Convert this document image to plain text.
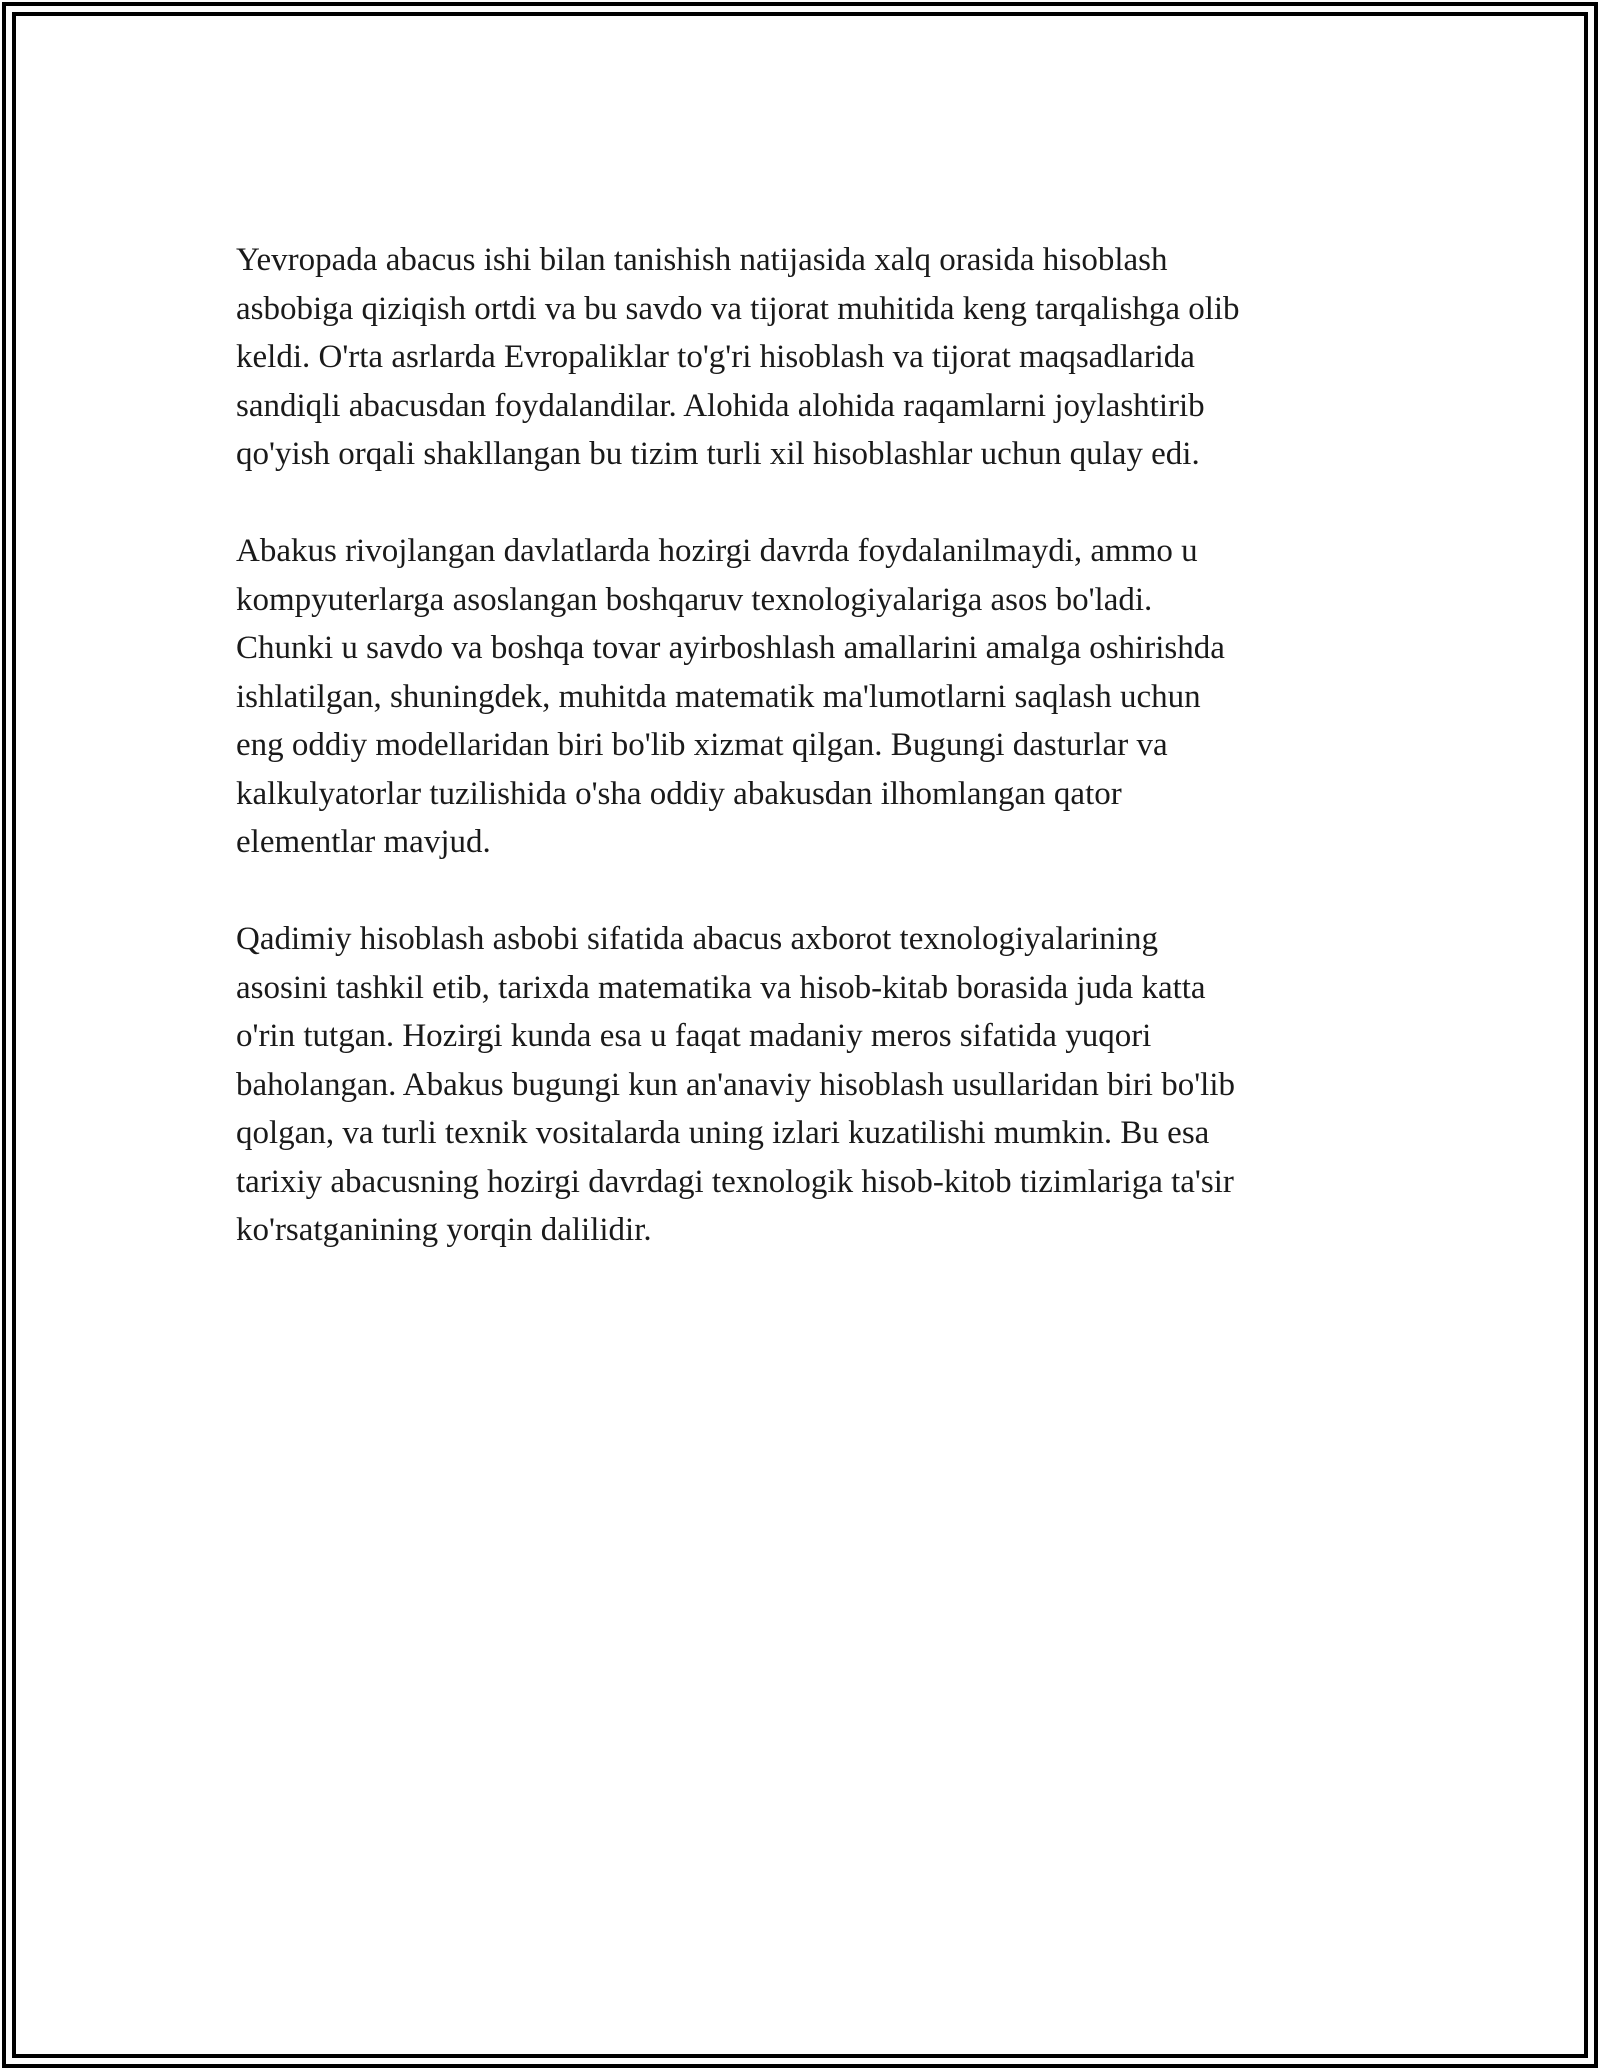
Yevropada abacus ishi bilan tanishish natijasida xalq orasida hisoblash
asbobiga qiziqish ortdi va bu savdo va tijorat muhitida keng tarqalishga olib
keldi. O'rta asrlarda Evropaliklar to'g'ri hisoblash va tijorat maqsadlarida
sandiqli abacusdan foydalandilar. Alohida alohida raqamlarni joylashtirib
qo'yish orqali shakllangan bu tizim turli xil hisoblashlar uchun qulay edi.

Abakus rivojlangan davlatlarda hozirgi davrda foydalanilmaydi, ammo u
kompyuterlarga asoslangan boshqaruv texnologiyalariga asos bo'ladi.
Chunki u savdo va boshqa tovar ayirboshlash amallarini amalga oshirishda
ishlatilgan, shuningdek, muhitda matematik ma'lumotlarni saqlash uchun
eng oddiy modellaridan biri bo'lib xizmat qilgan. Bugungi dasturlar va
kalkulyatorlar tuzilishida o'sha oddiy abakusdan ilhomlangan qator
elementlar mavjud.

Qadimiy hisoblash asbobi sifatida abacus axborot texnologiyalarining
asosini tashkil etib, tarixda matematika va hisob-kitab borasida juda katta
o'rin tutgan. Hozirgi kunda esa u faqat madaniy meros sifatida yuqori
baholangan. Abakus bugungi kun an'anaviy hisoblash usullaridan biri bo'lib
qolgan, va turli texnik vositalarda uning izlari kuzatilishi mumkin. Bu esa
tarixiy abacusning hozirgi davrdagi texnologik hisob-kitob tizimlariga ta'sir
ko'rsatganining yorqin dalilidir.
